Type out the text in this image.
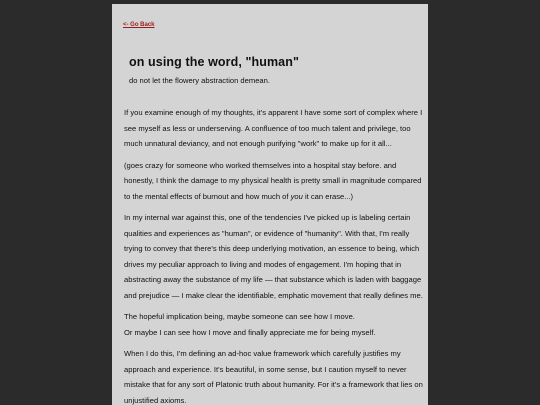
<- Go Back
on using the word, "human"

do not let the flowery abstraction demean.

If you examine enough of my thoughts, it's apparent I have some sort of complex where I see myself as less or underserving. A confluence of too much talent and privilege, too much unnatural deviancy, and not enough purifying "work" to make up for it all...

(goes crazy for someone who worked themselves into a hospital stay before. and honestly, I think the damage to my physical health is pretty small in magnitude compared to the mental effects of burnout and how much of you it can erase...)

In my internal war against this, one of the tendencies I've picked up is labeling certain qualities and experiences as "human", or evidence of "humanity". With that, I'm really trying to convey that there's this deep underlying motivation, an essence to being, which drives my peculiar approach to living and modes of engagement. I'm hoping that in abstracting away the substance of my life — that substance which is laden with baggage and prejudice — I make clear the identifiable, emphatic movement that really defines me.

The hopeful implication being, maybe someone can see how I move.
Or maybe I can see how I move and finally appreciate me for being myself.

When I do this, I'm defining an ad-hoc value framework which carefully justifies my approach and experience. It's beautiful, in some sense, but I caution myself to never mistake that for any sort of Platonic truth about humanity. For it's a framework that lies on unjustified axioms.
